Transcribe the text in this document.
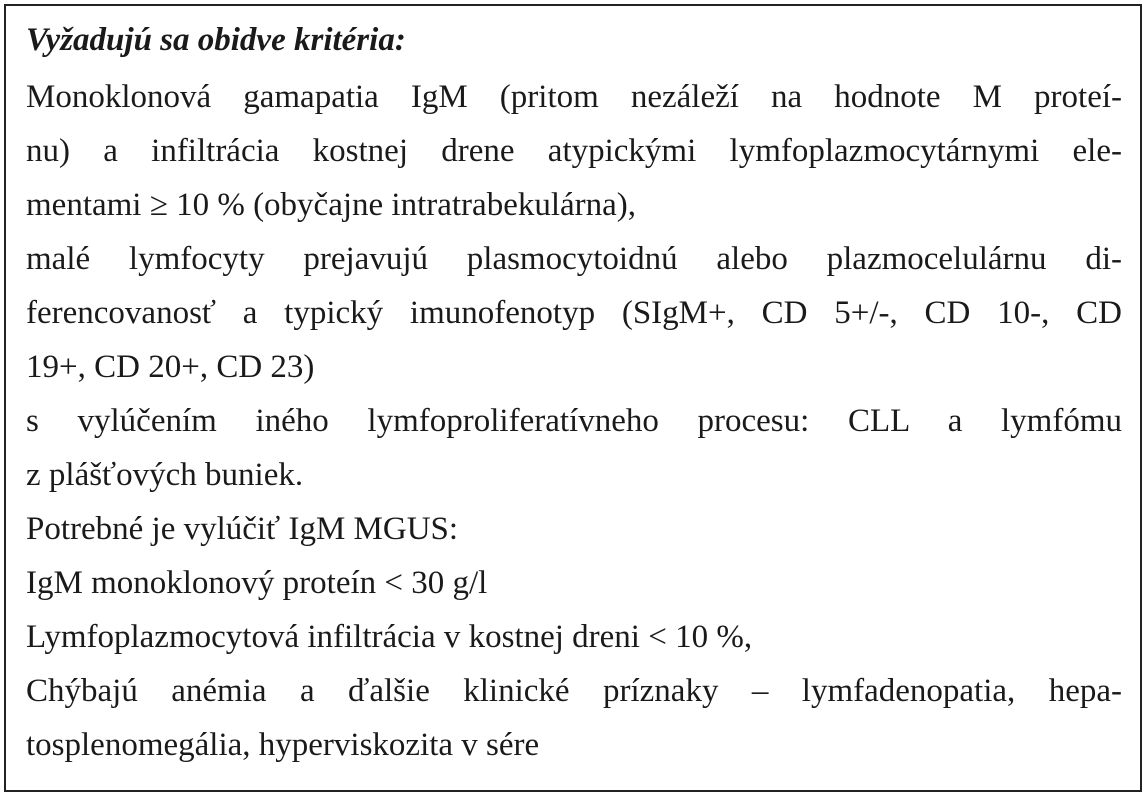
Vyžadujú sa obidve kritéria:
Monoklonová gamapatia IgM (pritom nezáleží na hodnote M proteí-
nu) a infiltrácia kostnej drene atypickými lymfoplazmocytárnymi ele-
mentami ≥ 10 % (obyčajne intratrabekulárna),
malé lymfocyty prejavujú plasmocytoidnú alebo plazmocelulárnu di-
ferencovanosť a typický imunofenotyp (SIgM+, CD 5+/-, CD 10-, CD
19+, CD 20+, CD 23)
s vylúčením iného lymfoproliferatívneho procesu: CLL a lymfómu
z plášťových buniek.
Potrebné je vylúčiť IgM MGUS:
IgM monoklonový proteín < 30 g/l
Lymfoplazmocytová infiltrácia v kostnej dreni < 10 %,
Chýbajú anémia a ďalšie klinické príznaky – lymfadenopatia, hepa-
tosplenomegália, hyperviskozita v sére
